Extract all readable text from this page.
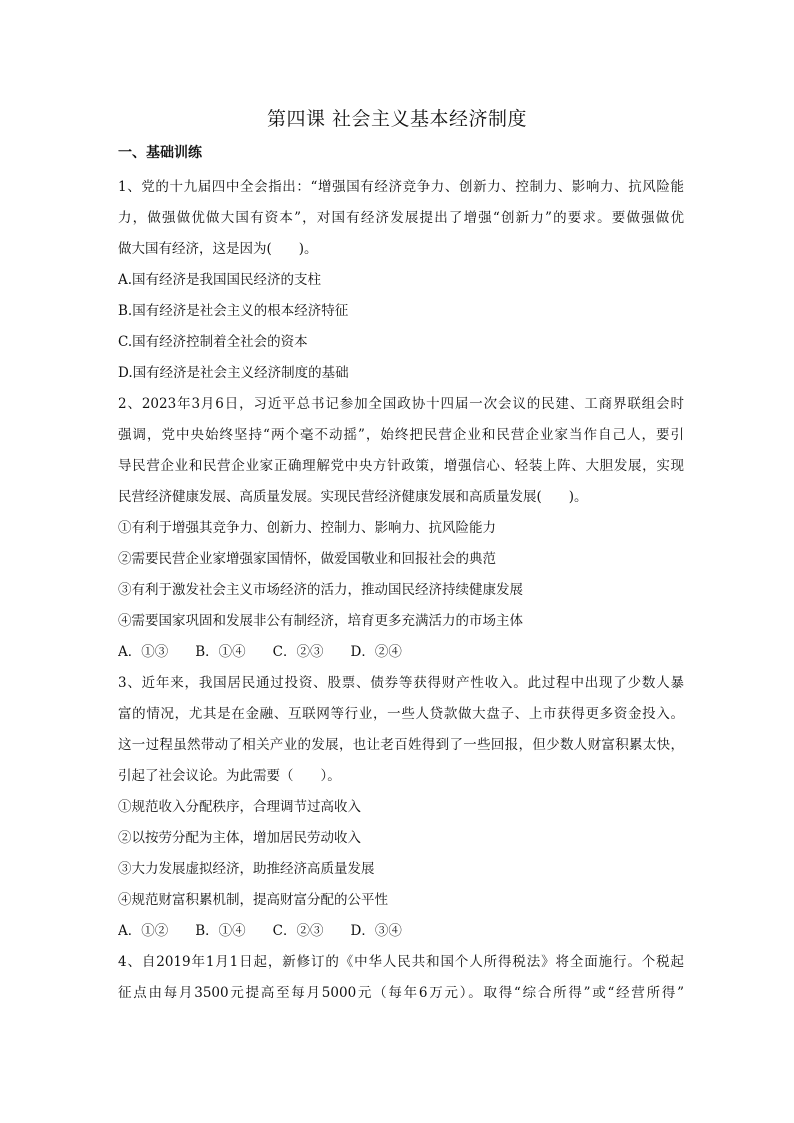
第四课 社会主义基本经济制度
一、基础训练
1、党的十九届四中全会指出：“增强国有经济竞争力、创新力、控制力、影响力、抗风险能
力，做强做优做大国有资本”，对国有经济发展提出了增强“创新力”的要求。要做强做优
做大国有经济，这是因为(　　)。
A.国有经济是我国国民经济的支柱
B.国有经济是社会主义的根本经济特征
C.国有经济控制着全社会的资本
D.国有经济是社会主义经济制度的基础
2、2023年3月6日，习近平总书记参加全国政协十四届一次会议的民建、工商界联组会时
强调，党中央始终坚持“两个毫不动摇”，始终把民营企业和民营企业家当作自己人，要引
导民营企业和民营企业家正确理解党中央方针政策，增强信心、轻装上阵、大胆发展，实现
民营经济健康发展、高质量发展。实现民营经济健康发展和高质量发展(　　)。
①有利于增强其竞争力、创新力、控制力、影响力、抗风险能力
②需要民营企业家增强家国情怀，做爱国敬业和回报社会的典范
③有利于激发社会主义市场经济的活力，推动国民经济持续健康发展
④需要国家巩固和发展非公有制经济，培育更多充满活力的市场主体
A．①③　　B．①④　　C．②③　　D．②④
3、近年来，我国居民通过投资、股票、债券等获得财产性收入。此过程中出现了少数人暴
富的情况，尤其是在金融、互联网等行业，一些人贷款做大盘子、上市获得更多资金投入。
这一过程虽然带动了相关产业的发展，也让老百姓得到了一些回报，但少数人财富积累太快，
引起了社会议论。为此需要（　　）。
①规范收入分配秩序，合理调节过高收入
②以按劳分配为主体，增加居民劳动收入
③大力发展虚拟经济，助推经济高质量发展
④规范财富积累机制，提高财富分配的公平性
A．①②　　B．①④　　C．②③　　D．③④
4、自2019年1月1日起，新修订的《中华人民共和国个人所得税法》将全面施行。个税起
征点由每月3500元提高至每月5000元（每年6万元）。取得“综合所得”或“经营所得”
